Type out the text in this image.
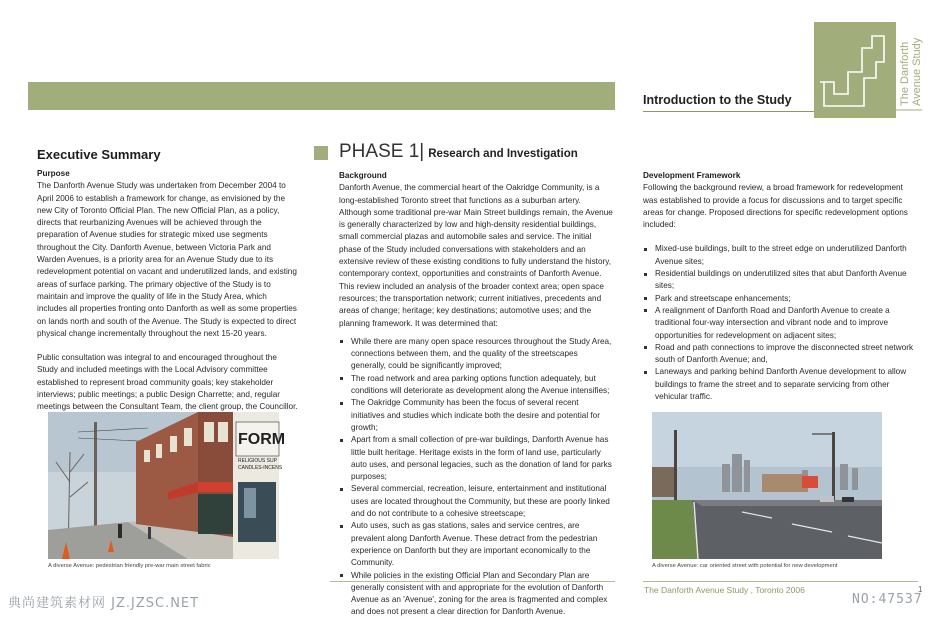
Introduction to the Study	The Danforth Avenue Study
Executive Summary
Purpose

The Danforth Avenue Study was undertaken from December 2004 to April 2006 to establish a framework for change, as envisioned by the new City of Toronto Official Plan. The new Official Plan, as a policy, directs that reurbanizing Avenues will be achieved through the preparation of Avenue studies for strategic mixed use segments throughout the City. Danforth Avenue, between Victoria Park and Warden Avenues, is a priority area for an Avenue Study due to its redevelopment potential on vacant and underutilized lands, and existing areas of surface parking. The primary objective of the Study is to maintain and improve the quality of life in the Study Area, which includes all properties fronting onto Danforth as well as some properties on lands north and south of the Avenue. The Study is expected to direct physical change incrementally throughout the next 15-20 years.

Public consultation was integral to and encouraged throughout the Study and included meetings with the Local Advisory committee established to represent broad community goals; key stakeholder interviews; public meetings; a public Design Charrette; and, regular meetings between the Consultant Team, the client group, the Councillor.

PHASE 1| Research and Investigation
Background

Danforth Avenue, the commercial heart of the Oakridge Community, is a long-established Toronto street that functions as a suburban artery. Although some traditional pre-war Main Street buildings remain, the Avenue is generally characterized by low and high-density residential buildings, small commercial plazas and automobile sales and service. The initial phase of the Study included conversations with stakeholders and an extensive review of these existing conditions to fully understand the history, contemporary context, opportunities and constraints of Danforth Avenue. This review included an analysis of the broader context area; open space resources; the transportation network; current initiatives, precedents and areas of change; heritage; key destinations; automotive uses; and the planning framework. It was determined that:

While there are many open space resources throughout the Study Area, connections between them, and the quality of the streetscapes generally, could be significantly improved;
The road network and area parking options function adequately, but conditions will deteriorate as development along the Avenue intensifies;
The Oakridge Community has been the focus of several recent initiatives and studies which indicate both the desire and potential for growth;
Apart from a small collection of pre-war buildings, Danforth Avenue has little built heritage. Heritage exists in the form of land use, particularly auto uses, and personal legacies, such as the donation of land for parks purposes;
Several commercial, recreation, leisure, entertainment and institutional uses are located throughout the Community, but these are poorly linked and do not contribute to a cohesive streetscape;
Auto uses, such as gas stations, sales and service centres, are prevalent along Danforth Avenue. These detract from the pedestrian experience on Danforth but they are important economically to the Community.
While policies in the existing Official Plan and Secondary Plan are generally consistent with and appropriate for the evolution of Danforth Avenue as an 'Avenue', zoning for the area is fragmented and complex and does not present a clear direction for Danforth Avenue.
Development Framework

Following the background review, a broad framework for redevelopment was established to provide a focus for discussions and to target specific areas for change. Proposed directions for specific redevelopment options included:

Mixed-use buildings, built to the street edge on underutilized Danforth Avenue sites;
Residential buildings on underutilized sites that abut Danforth Avenue sites;
Park and streetscape enhancements;
A realignment of Danforth Road and Danforth Avenue to create a traditional four-way intersection and vibrant node and to improve opportunities for redevelopment on adjacent sites;
Road and path connections to improve the disconnected street network south of Danforth Avenue; and,
Laneways and parking behind Danforth Avenue development to allow buildings to frame the street and to separate servicing from other vehicular traffic.
FORM
RELIGIOUS SUP
CANDLES-INCENS
A diverse Avenue: pedestrian friendly pre-war main street fabric	A diverse Avenue: car oriented street with potential for new development
The Danforth Avenue Study , Toronto 2006	1
典尚建筑素材网 JZ.JZSC.NET	NO:47537
